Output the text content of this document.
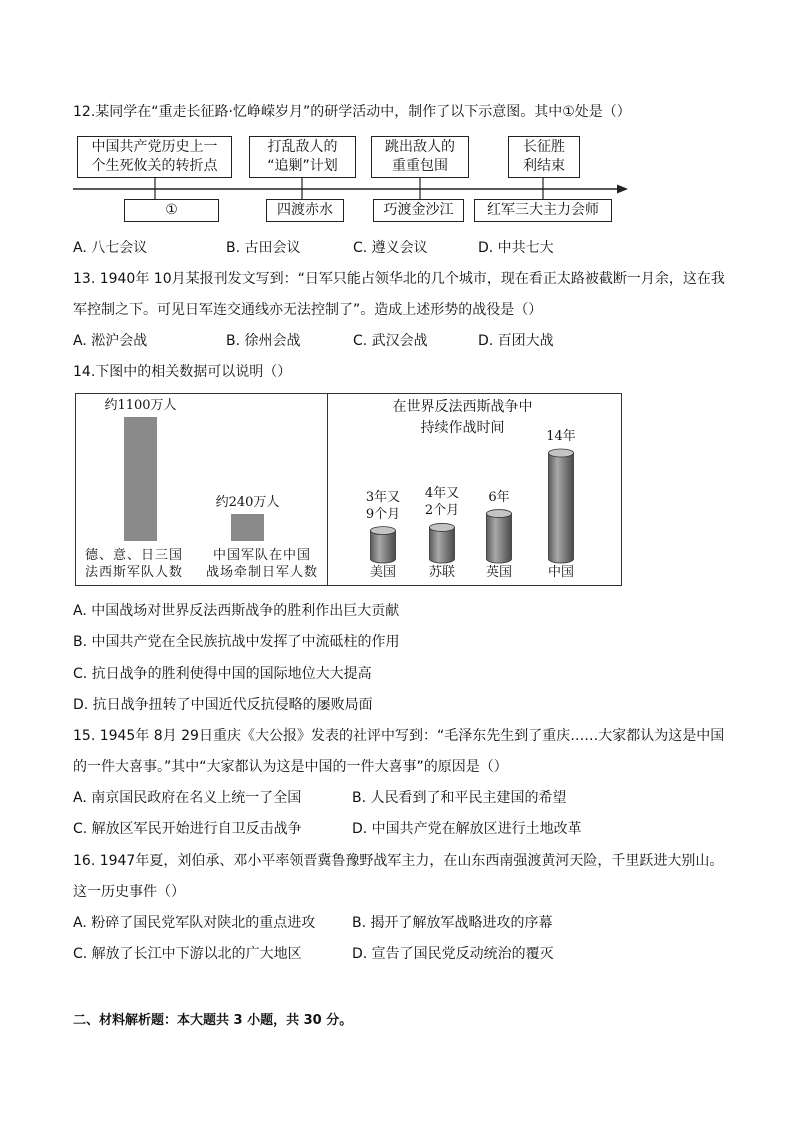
12.某同学在“重走长征路·忆峥嵘岁月”的研学活动中，制作了以下示意图。其中①处是（）
中国共产党历史上一
个生死攸关的转折点
打乱敌人的
“追剿”计划
跳出敌人的
重重包围
长征胜
利结束
①	四渡赤水	巧渡金沙江 红军三大主力会师
A. 八七会议	B. 古田会议	C. 遵义会议	D. 中共七大
13. 1940年 10月某报刊发文写到：“日军只能占领华北的几个城市，现在看正太路被截断一月余，这在我
军控制之下。可见日军连交通线亦无法控制了”。造成上述形势的战役是（）
A. 淞沪会战	B. 徐州会战	C. 武汉会战	D. 百团大战
14.下图中的相关数据可以说明（）
约1100万人
约240万人
德、意、日三国
法西斯军队人数
中国军队在中国
战场牵制日军人数
在世界反法西斯战争中
持续作战时间
3年又
9个月
4年又
2个月
6年
14年
美国	苏联	英国	中国
A. 中国战场对世界反法西斯战争的胜利作出巨大贡献
B. 中国共产党在全民族抗战中发挥了中流砥柱的作用
C. 抗日战争的胜利使得中国的国际地位大大提高
D. 抗日战争扭转了中国近代反抗侵略的屡败局面
15. 1945年 8月 29日重庆《大公报》发表的社评中写到：“毛泽东先生到了重庆……大家都认为这是中国
的一件大喜事。”其中“大家都认为这是中国的一件大喜事”的原因是（）
A. 南京国民政府在名义上统一了全国	B. 人民看到了和平民主建国的希望
C. 解放区军民开始进行自卫反击战争	D. 中国共产党在解放区进行土地改革
16. 1947年夏，刘伯承、邓小平率领晋冀鲁豫野战军主力，在山东西南强渡黄河天险，千里跃进大别山。
这一历史事件（）
A. 粉碎了国民党军队对陕北的重点进攻	B. 揭开了解放军战略进攻的序幕
C. 解放了长江中下游以北的广大地区	D. 宣告了国民党反动统治的覆灭
二、材料解析题：本大题共 3 小题，共 30 分。
